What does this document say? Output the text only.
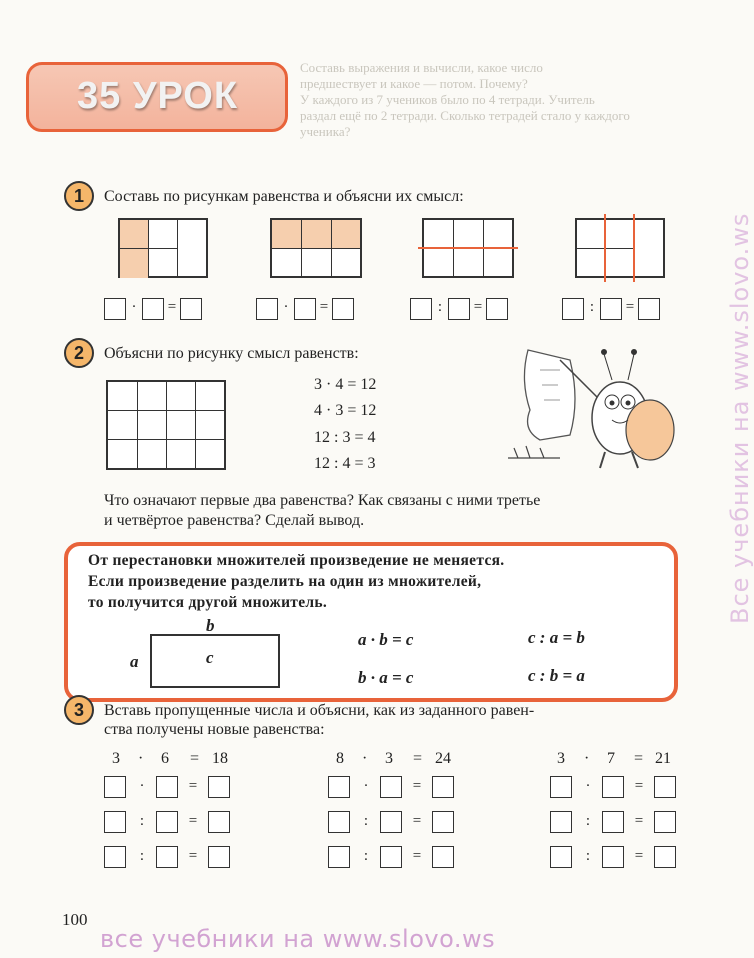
Составь выражения и вычисли, какое число
предшествует и какое — потом. Почему?
У каждого из 7 учеников было по 4 тетради. Учитель
раздал ещё по 2 тетради. Сколько тетрадей стало у каждого
ученика?
35 УРОК
1	Составь по рисункам равенства и объясни их смысл:
·	=	·	=	:	=	:	=
2	Объясни по рисунку смысл равенств:
3 · 4 = 12
4 · 3 = 12
12 : 3 = 4
12 : 4 = 3
Что означают первые два равенства? Как связаны с ними третье
и четвёртое равенства? Сделай вывод.
От перестановки множителей произведение не меняется.
Если произведение разделить на один из множителей,
то получится другой множитель.
b
a	c
a · b = c
b · a = c
c : a = b
c : b = a
3	Вставь пропущенные числа и объясни, как из заданного равен-
ства получены новые равенства:
3 · 6 = 18
·	=
:	=
:	=
8 · 3 = 24
·	=
:	=
:	=
3 · 7 = 21
·	=
:	=
:	=
100
все учебники на www.slovo.ws
Все учебники на www.slovo.ws
